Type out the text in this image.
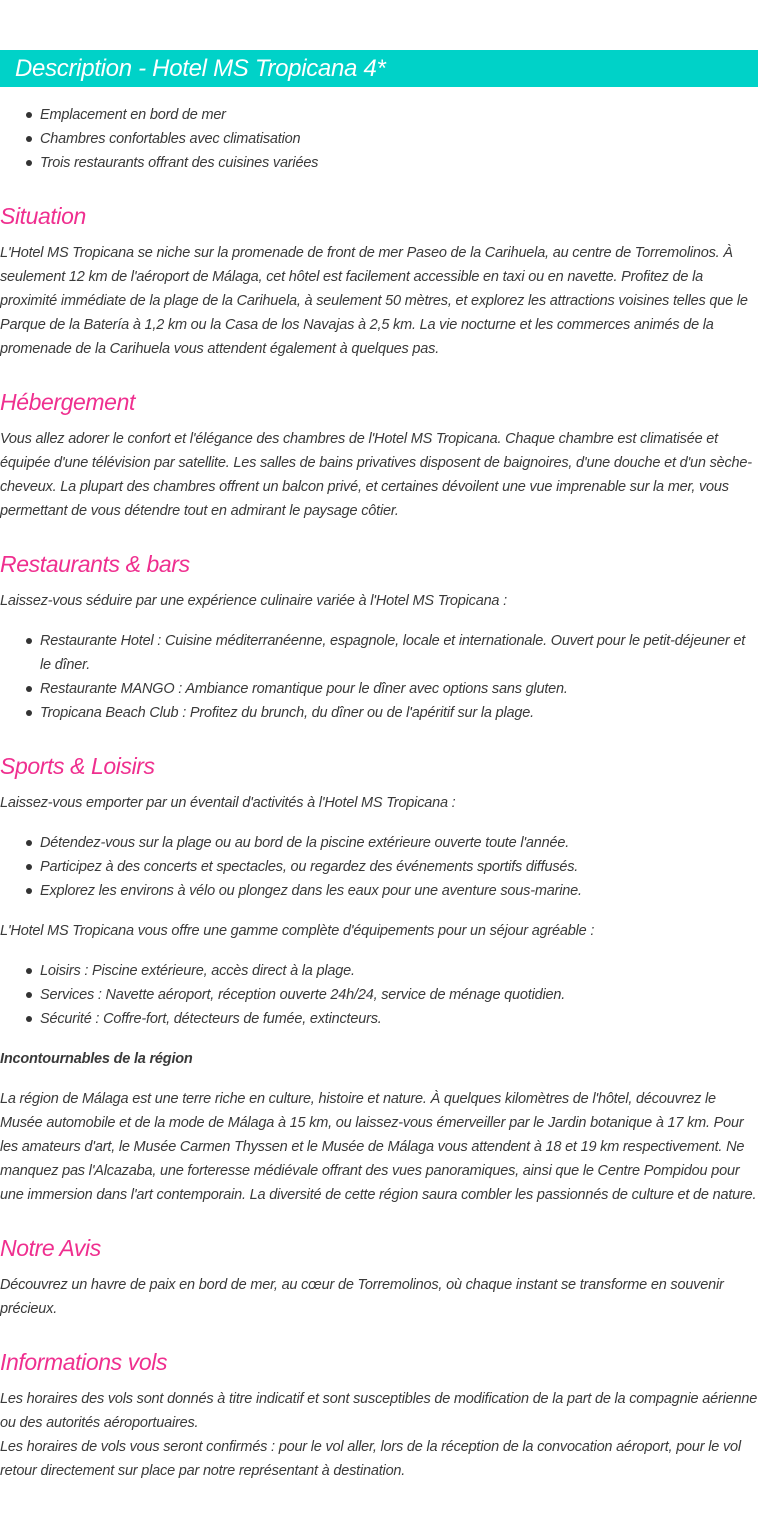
Description - Hotel MS Tropicana 4*
Emplacement en bord de mer
Chambres confortables avec climatisation
Trois restaurants offrant des cuisines variées
Situation

L'Hotel MS Tropicana se niche sur la promenade de front de mer Paseo de la Carihuela, au centre de Torremolinos. À seulement 12 km de l'aéroport de Málaga, cet hôtel est facilement accessible en taxi ou en navette. Profitez de la proximité immédiate de la plage de la Carihuela, à seulement 50 mètres, et explorez les attractions voisines telles que le Parque de la Batería à 1,2 km ou la Casa de los Navajas à 2,5 km. La vie nocturne et les commerces animés de la promenade de la Carihuela vous attendent également à quelques pas.

Hébergement

Vous allez adorer le confort et l'élégance des chambres de l'Hotel MS Tropicana. Chaque chambre est climatisée et équipée d'une télévision par satellite. Les salles de bains privatives disposent de baignoires, d'une douche et d'un sèche-cheveux. La plupart des chambres offrent un balcon privé, et certaines dévoilent une vue imprenable sur la mer, vous permettant de vous détendre tout en admirant le paysage côtier.

Restaurants & bars

Laissez-vous séduire par une expérience culinaire variée à l'Hotel MS Tropicana :

Restaurante Hotel : Cuisine méditerranéenne, espagnole, locale et internationale. Ouvert pour le petit-déjeuner et le dîner.
Restaurante MANGO : Ambiance romantique pour le dîner avec options sans gluten.
Tropicana Beach Club : Profitez du brunch, du dîner ou de l'apéritif sur la plage.
Sports & Loisirs

Laissez-vous emporter par un éventail d'activités à l'Hotel MS Tropicana :

Détendez-vous sur la plage ou au bord de la piscine extérieure ouverte toute l'année.
Participez à des concerts et spectacles, ou regardez des événements sportifs diffusés.
Explorez les environs à vélo ou plongez dans les eaux pour une aventure sous-marine.

L'Hotel MS Tropicana vous offre une gamme complète d'équipements pour un séjour agréable :

Loisirs : Piscine extérieure, accès direct à la plage.
Services : Navette aéroport, réception ouverte 24h/24, service de ménage quotidien.
Sécurité : Coffre-fort, détecteurs de fumée, extincteurs.

Incontournables de la région

La région de Málaga est une terre riche en culture, histoire et nature. À quelques kilomètres de l'hôtel, découvrez le Musée automobile et de la mode de Málaga à 15 km, ou laissez-vous émerveiller par le Jardin botanique à 17 km. Pour les amateurs d'art, le Musée Carmen Thyssen et le Musée de Málaga vous attendent à 18 et 19 km respectivement. Ne manquez pas l'Alcazaba, une forteresse médiévale offrant des vues panoramiques, ainsi que le Centre Pompidou pour une immersion dans l'art contemporain. La diversité de cette région saura combler les passionnés de culture et de nature.

Notre Avis

Découvrez un havre de paix en bord de mer, au cœur de Torremolinos, où chaque instant se transforme en souvenir précieux.

Informations vols

Les horaires des vols sont donnés à titre indicatif et sont susceptibles de modification de la part de la compagnie aérienne ou des autorités aéroportuaires.

Les horaires de vols vous seront confirmés : pour le vol aller, lors de la réception de la convocation aéroport, pour le vol retour directement sur place par notre représentant à destination.
